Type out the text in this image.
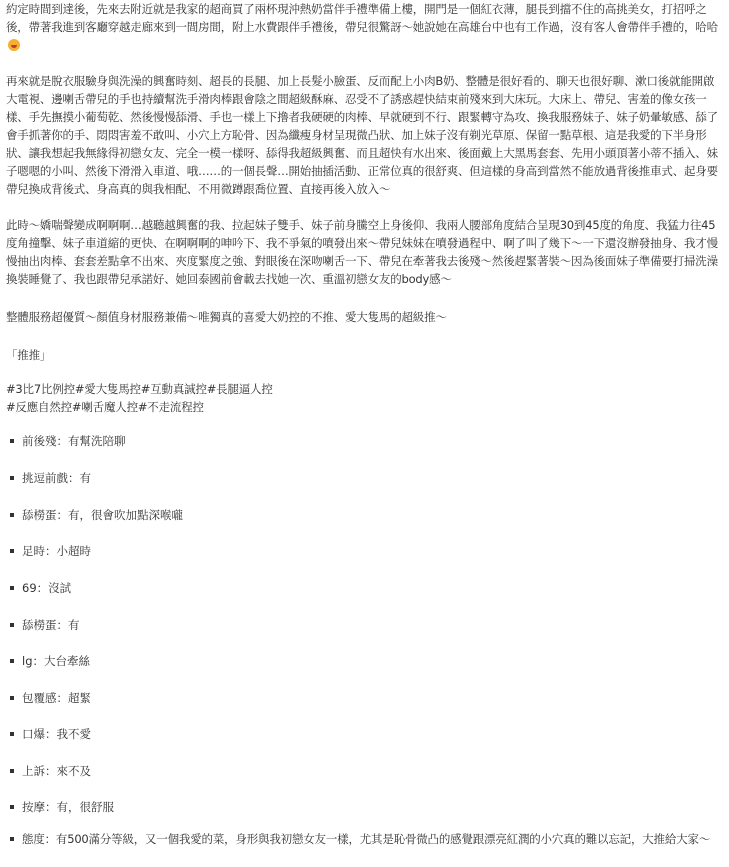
約定時間到達後，先來去附近就是我家的超商買了兩杯現沖熱奶當伴手禮準備上樓，開門是一個紅衣薄，腿長到擋不住的高挑美女，打招呼之後，帶著我進到客廳穿越走廊來到一間房間，附上水費跟伴手禮後，帶兒很驚訝～她說她在高雄台中也有工作過，沒有客人會帶伴手禮的，哈哈

再來就是脫衣服驗身與洗澡的興奮時刻、超長的長腿、加上長髮小臉蛋、反而配上小肉B奶、整體是很好看的、聊天也很好聊、漱口後就能開啟大電視、邊喇舌帶兒的手也持續幫洗手滑肉棒跟會陰之間超級酥麻、忍受不了誘惑趕快結束前殘來到大床玩。大床上、帶兒、害羞的像女孩一樣、手先撫摸小葡萄乾、然後慢慢舔滑、手也一樣上下撸者我硬硬的肉棒、早就硬到不行、跟緊轉守為攻、換我服務妹子、妹子奶暈敏感、舔了會手抓著你的手、悶悶害羞不敢叫、小穴上方恥骨、因為纖瘦身材呈現微凸狀、加上妹子沒有剃光草原、保留一點草根、這是我愛的下半身形狀、讓我想起我無緣得初戀女友、完全一模一樣呀、舔得我超級興奮、而且超快有水出來、後面戴上大黑馬套套、先用小頭頂著小蒂不插入、妹子嗯嗯的小叫、然後下滑滑入車道、哦……的一個長聲…開始抽插活動、正常位真的很舒爽、但這樣的身高到當然不能放過背後推車式、起身要帶兒換成背後式、身高真的與我相配、不用微蹲跟喬位置、直接再後入放入～

此時～嬌喘聲變成啊啊啊…越聽越興奮的我、拉起妹子雙手、妹子前身騰空上身後仰、我兩人腰部角度結合呈現30到45度的角度、我猛力往45度角撞擊、妹子車道縮的更快、在啊啊啊的呻吟下、我不爭氣的噴發出來～帶兒妹妹在噴發過程中、啊了叫了幾下～一下還沒辦發抽身、我才慢慢抽出肉棒、套套差點拿不出來、夾度緊度之強、對眼後在深吻喇舌一下、帶兒在牽著我去後殘～然後趕緊著裝～因為後面妹子準備要打掃洗澡換裝睡覺了、我也跟帶兒承諾好、她回泰國前會載去找她一次、重溫初戀女友的body感～

整體服務超優質～顏值身材服務兼備～唯獨真的喜愛大奶控的不推、愛大隻馬的超級推～

「推推」

#3比7比例控#愛大隻馬控#互動真誠控#長腿逼人控

#反應自然控#喇舌魔人控#不走流程控

前後殘：有幫洗陪聊
挑逗前戲：有
舔橯蛋：有，很會吹加點深喉嚨
足時：小超時
69：沒試
舔橯蛋：有
lg：大台牽絲
包覆感：超緊
口爆：我不愛
上訴：來不及
按摩：有，很舒服

態度：有500滿分等級，又一個我愛的菜，身形與我初戀女友一樣，尤其是恥骨微凸的感覺跟漂亮紅潤的小穴真的難以忘記，大推給大家～
